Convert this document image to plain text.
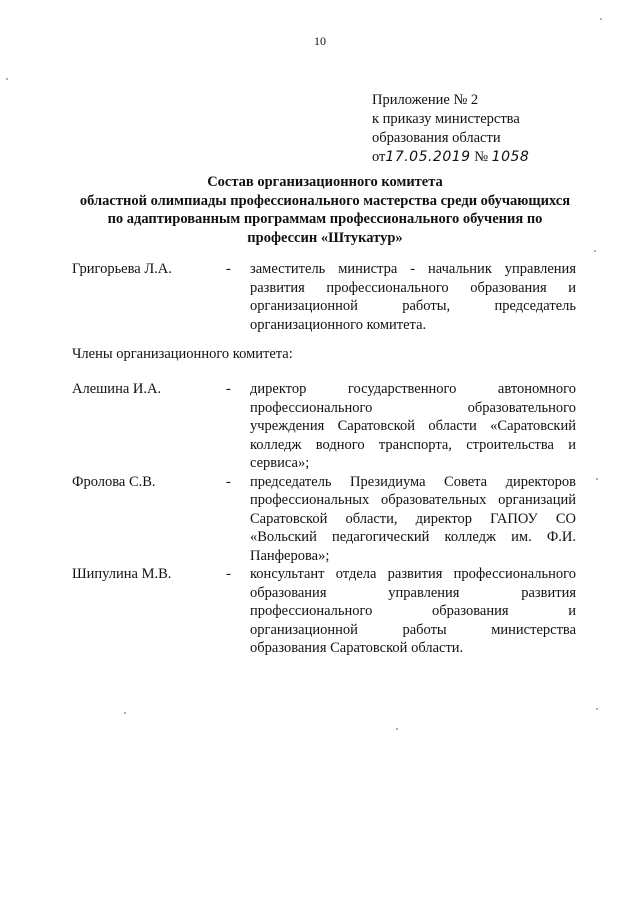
10
Приложение № 2
к приказу министерства
образования области
от17.05.2019 № 1058
Состав организационного комитета
областной олимпиады профессионального мастерства среди обучающихся
по адаптированным программам профессионального обучения по
профессин «Штукатур»
Григорьева Л.А.	-	заместитель министра - начальник управления
развития профессионального образования и
организационной работы, председатель
организационного комитета.
Члены организационного комитета:
Алешина И.А.	-	директор государственного автономного
профессионального образовательного
учреждения Саратовской области «Саратовский
колледж водного транспорта, строительства и
сервиса»;
Фролова С.В.	-	председатель Президиума Совета директоров
профессиональных образовательных организаций
Саратовской области, директор ГАПОУ СО
«Вольский педагогический колледж им. Ф.И.
Панферова»;
Шипулина М.В.	-	консультант отдела развития профессионального
образования управления развития
профессионального образования и
организационной работы министерства
образования Саратовской области.
